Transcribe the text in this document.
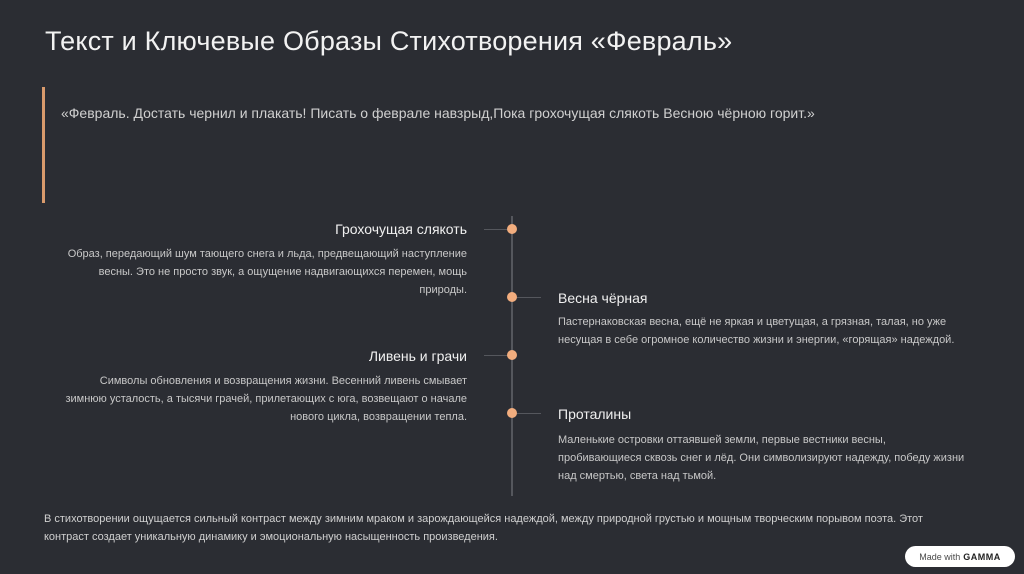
Текст и Ключевые Образы Стихотворения «Февраль»
«Февраль. Достать чернил и плакать! Писать о феврале навзрыд,Пока грохочущая слякоть Весною чёрною горит.»
Грохочущая слякоть
Образ, передающий шум тающего снега и льда, предвещающий наступление
весны. Это не просто звук, а ощущение надвигающихся перемен, мощь
природы.	Весна чёрная
Пастернаковская весна, ещё не яркая и цветущая, а грязная, талая, но уже
несущая в себе огромное количество жизни и энергии, «горящая» надеждой.
Ливень и грачи
Символы обновления и возвращения жизни. Весенний ливень смывает
зимнюю усталость, а тысячи грачей, прилетающих с юга, возвещают о начале
нового цикла, возвращении тепла.	Проталины
Маленькие островки оттаявшей земли, первые вестники весны,
пробивающиеся сквозь снег и лёд. Они символизируют надежду, победу жизни
над смертью, света над тьмой.
В стихотворении ощущается сильный контраст между зимним мраком и зарождающейся надеждой, между природной грустью и мощным творческим порывом поэта. Этот
контраст создает уникальную динамику и эмоциональную насыщенность произведения.
Made with GAMMA
